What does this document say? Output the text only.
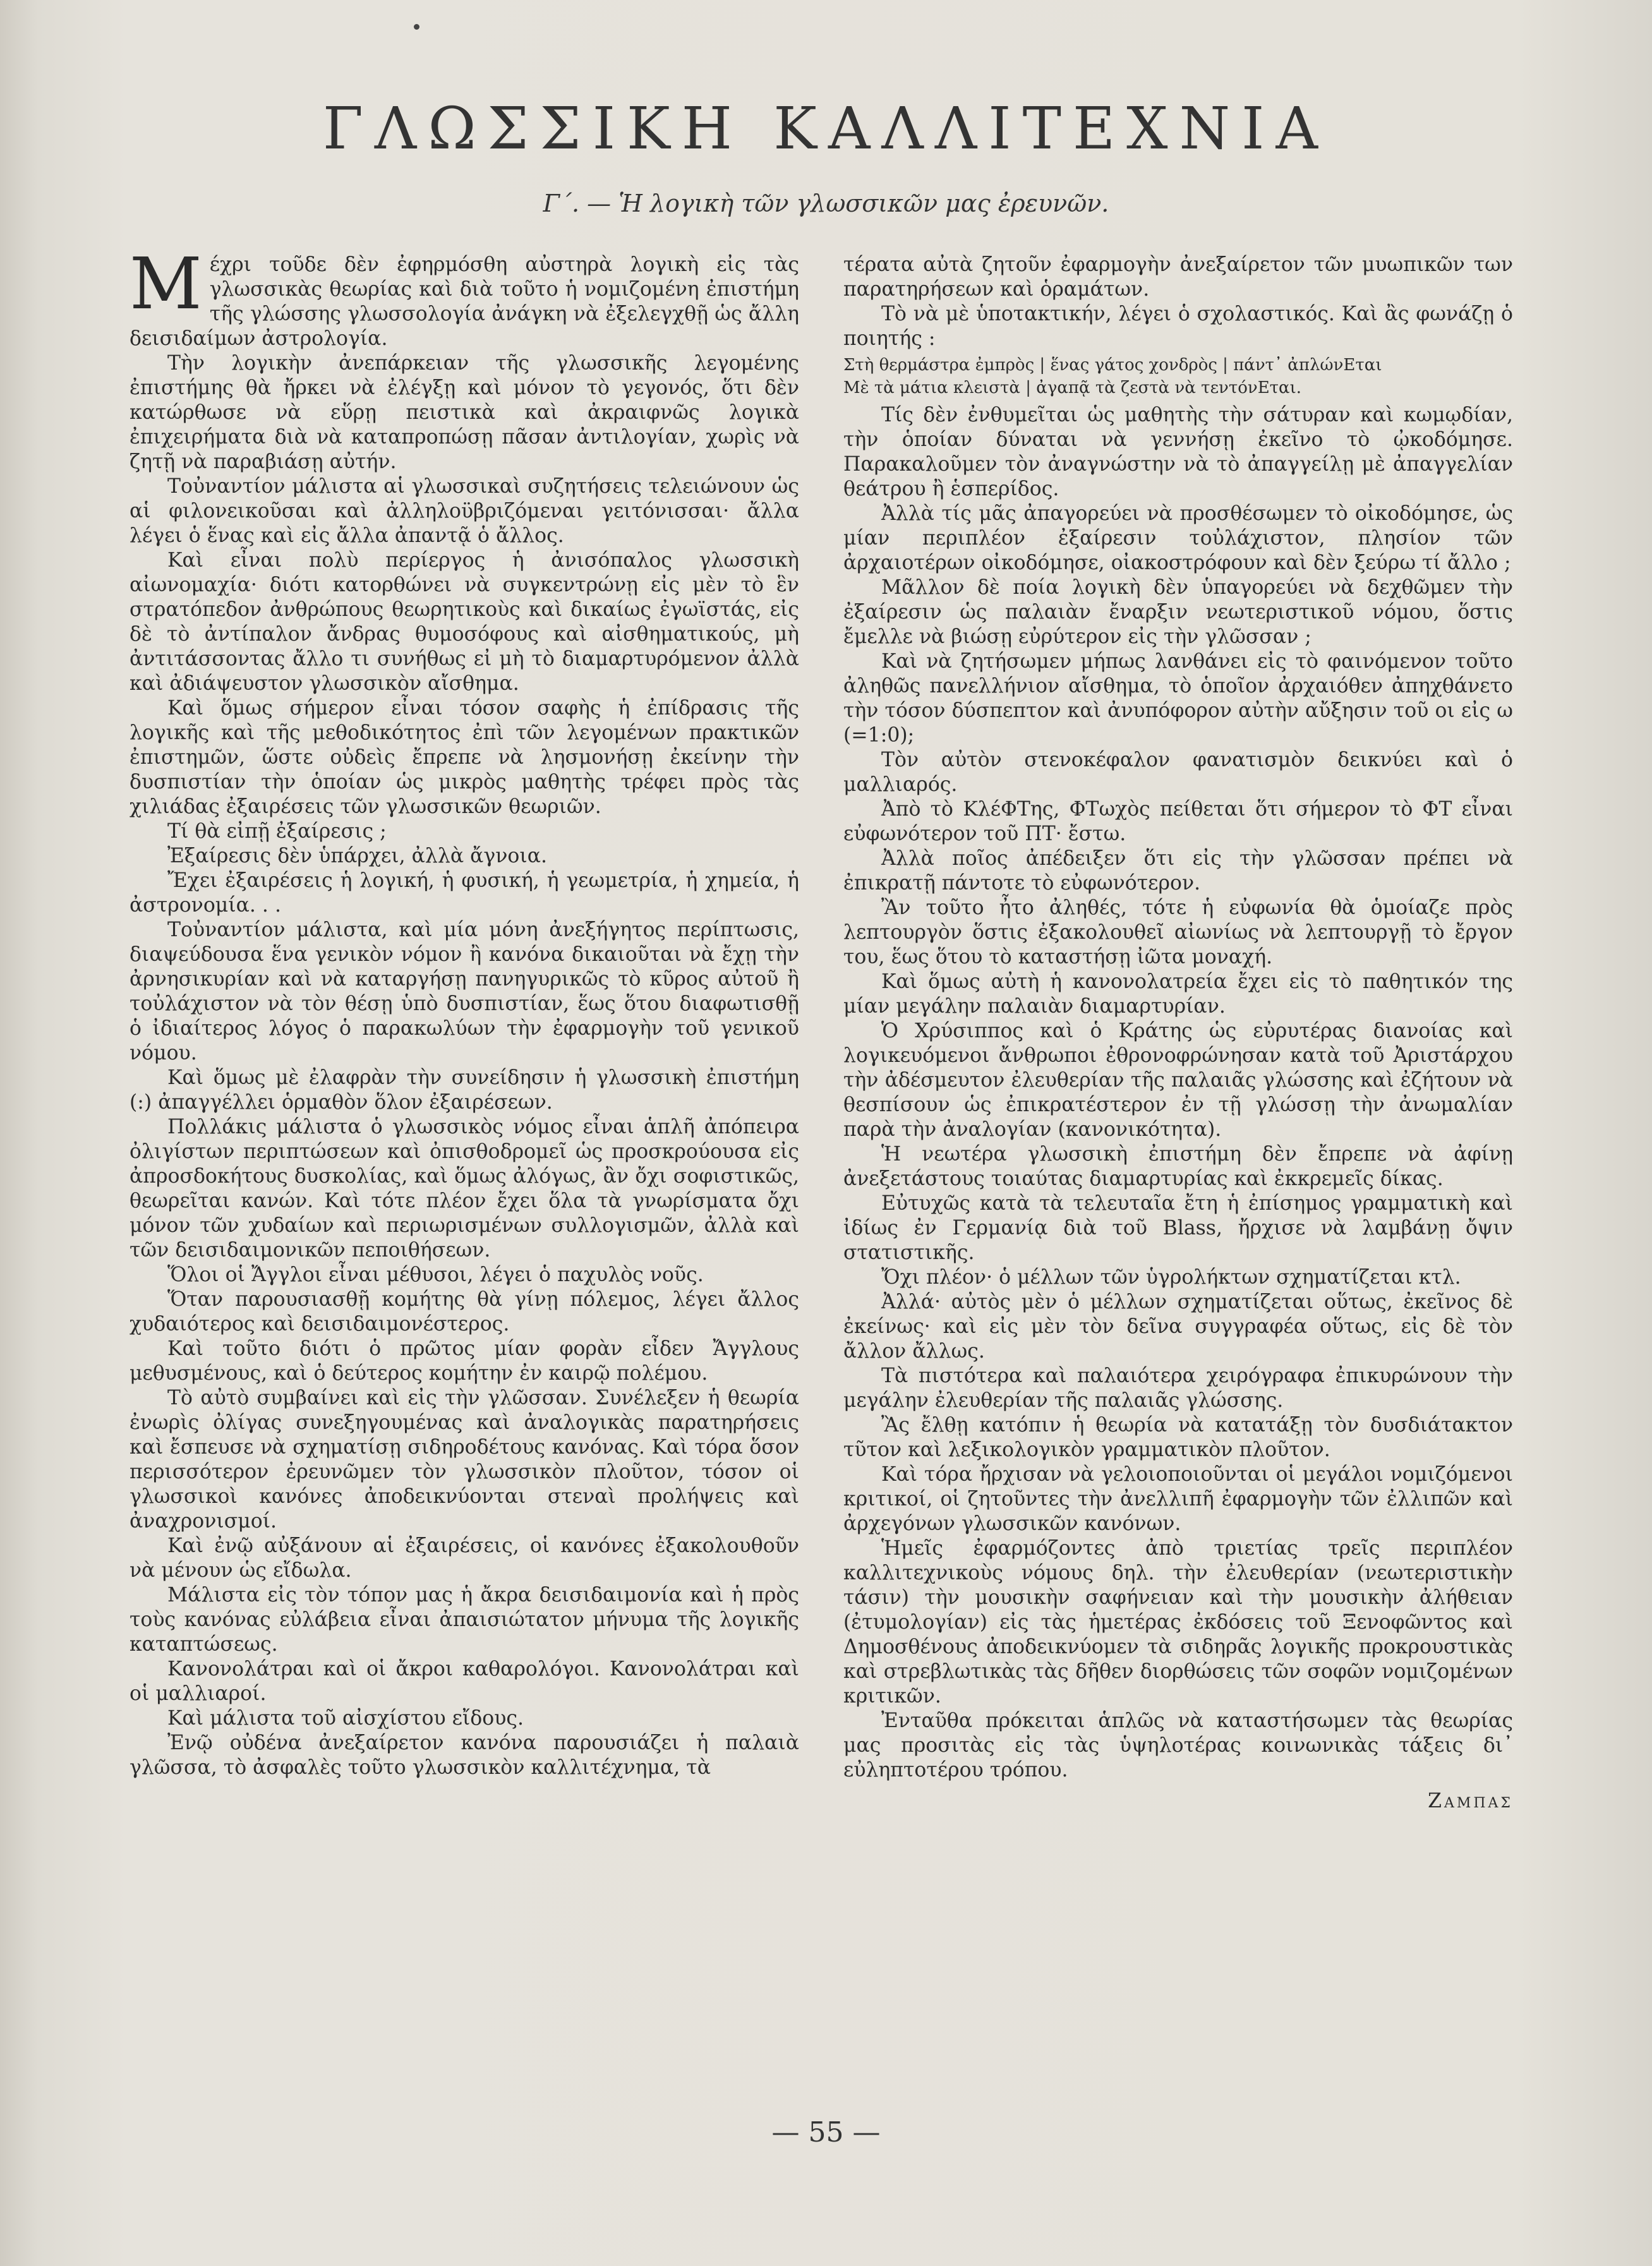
ΓΛΩΣΣΙΚΗ ΚΑΛΛΙΤΕΧΝΙΑ
Γ΄. — Ἡ λογικὴ τῶν γλωσσικῶν μας ἐρευνῶν.

Μέχρι τοῦδε δὲν ἐφηρμόσθη αὐστηρὰ λογικὴ εἰς τὰς γλωσσικὰς θεωρίας καὶ διὰ τοῦτο ἡ νομιζομένη ἐπιστήμη τῆς γλώσσης γλωσσολογία ἀνάγκη νὰ ἐξελεγχθῇ ὡς ἄλλη δεισιδαίμων ἀστρολογία.

Τὴν λογικὴν ἀνεπάρκειαν τῆς γλωσσικῆς λεγομένης ἐπιστήμης θὰ ἤρκει νὰ ἐλέγξῃ καὶ μόνον τὸ γεγονός, ὅτι δὲν κατώρθωσε νὰ εὕρῃ πειστικὰ καὶ ἀκραιφνῶς λογικὰ ἐπιχειρήματα διὰ νὰ καταπροπώσῃ πᾶσαν ἀντιλογίαν, χωρὶς νὰ ζητῇ νὰ παραβιάσῃ αὐτήν.

Τοὐναντίον μάλιστα αἱ γλωσσικαὶ συζητήσεις τελειώνουν ὡς αἱ φιλονεικοῦσαι καὶ ἀλληλοϋβριζόμεναι γειτόνισσαι· ἄλλα λέγει ὁ ἕνας καὶ εἰς ἄλλα ἀπαντᾷ ὁ ἄλλος.

Καὶ εἶναι πολὺ περίεργος ἡ ἀνισόπαλος γλωσσικὴ αἰωνομαχία· διότι κατορθώνει νὰ συγκεντρώνῃ εἰς μὲν τὸ ἓν στρατόπεδον ἀνθρώπους θεωρητικοὺς καὶ δικαίως ἐγωϊστάς, εἰς δὲ τὸ ἀντίπαλον ἄνδρας θυμοσόφους καὶ αἰσθηματικούς, μὴ ἀντιτάσσοντας ἄλλο τι συνήθως εἰ μὴ τὸ διαμαρτυρόμενον ἀλλὰ καὶ ἀδιάψευστον γλωσσικὸν αἴσθημα.

Καὶ ὅμως σήμερον εἶναι τόσον σαφὴς ἡ ἐπίδρασις τῆς λογικῆς καὶ τῆς μεθοδικότητος ἐπὶ τῶν λεγομένων πρακτικῶν ἐπιστημῶν, ὥστε οὐδεὶς ἔπρεπε νὰ λησμονήσῃ ἐκείνην τὴν δυσπιστίαν τὴν ὁποίαν ὡς μικρὸς μαθητὴς τρέφει πρὸς τὰς χιλιάδας ἐξαιρέσεις τῶν γλωσσικῶν θεωριῶν.

Τί θὰ εἰπῇ ἐξαίρεσις ;

Ἐξαίρεσις δὲν ὑπάρχει, ἀλλὰ ἄγνοια.

Ἔχει ἐξαιρέσεις ἡ λογική, ἡ φυσική, ἡ γεωμετρία, ἡ χημεία, ἡ ἀστρονομία. . .

Τοὐναντίον μάλιστα, καὶ μία μόνη ἀνεξήγητος περίπτωσις, διαψεύδουσα ἕνα γενικὸν νόμον ἢ κανόνα δικαιοῦται νὰ ἔχῃ τὴν ἀρνησικυρίαν καὶ νὰ καταργήσῃ πανηγυρικῶς τὸ κῦρος αὐτοῦ ἢ τοὐλάχιστον νὰ τὸν θέσῃ ὑπὸ δυσπιστίαν, ἕως ὅτου διαφωτισθῇ ὁ ἰδιαίτερος λόγος ὁ παρακωλύων τὴν ἐφαρμογὴν τοῦ γενικοῦ νόμου.

Καὶ ὅμως μὲ ἐλαφρὰν τὴν συνείδησιν ἡ γλωσσικὴ ἐπιστήμη (:) ἀπαγγέλλει ὁρμαθὸν ὅλον ἐξαιρέσεων.

Πολλάκις μάλιστα ὁ γλωσσικὸς νόμος εἶναι ἁπλῆ ἀπόπειρα ὀλιγίστων περιπτώσεων καὶ ὀπισθοδρομεῖ ὡς προσκρούουσα εἰς ἀπροσδοκήτους δυσκολίας, καὶ ὅμως ἀλόγως, ἂν ὄχι σοφιστικῶς, θεωρεῖται κανών. Καὶ τότε πλέον ἔχει ὅλα τὰ γνωρίσματα ὄχι μόνον τῶν χυδαίων καὶ περιωρισμένων συλλογισμῶν, ἀλλὰ καὶ τῶν δεισιδαιμονικῶν πεποιθήσεων.

Ὅλοι οἱ Ἄγγλοι εἶναι μέθυσοι, λέγει ὁ παχυλὸς νοῦς.

Ὅταν παρουσιασθῇ κομήτης θὰ γίνῃ πόλεμος, λέγει ἄλλος χυδαιότερος καὶ δεισιδαιμονέστερος.

Καὶ τοῦτο διότι ὁ πρῶτος μίαν φορὰν εἶδεν Ἄγγλους μεθυσμένους, καὶ ὁ δεύτερος κομήτην ἐν καιρῷ πολέμου.

Τὸ αὐτὸ συμβαίνει καὶ εἰς τὴν γλῶσσαν. Συνέλεξεν ἡ θεωρία ἐνωρὶς ὀλίγας συνεξηγουμένας καὶ ἀναλογικὰς παρατηρήσεις καὶ ἔσπευσε νὰ σχηματίσῃ σιδηροδέτους κανόνας. Καὶ τόρα ὅσον περισσότερον ἐρευνῶμεν τὸν γλωσσικὸν πλοῦτον, τόσον οἱ γλωσσικοὶ κανόνες ἀποδεικνύονται στεναὶ προλήψεις καὶ ἀναχρονισμοί.

Καὶ ἐνῷ αὐξάνουν αἱ ἐξαιρέσεις, οἱ κανόνες ἐξακολουθοῦν νὰ μένουν ὡς εἴδωλα.

Μάλιστα εἰς τὸν τόπον μας ἡ ἄκρα δεισιδαιμονία καὶ ἡ πρὸς τοὺς κανόνας εὐλάβεια εἶναι ἀπαισιώτατον μήνυμα τῆς λογικῆς καταπτώσεως.

Κανονολάτραι καὶ οἱ ἄκροι καθαρολόγοι. Κανονολάτραι καὶ οἱ μαλλιαροί.

Καὶ μάλιστα τοῦ αἰσχίστου εἴδους.

Ἐνῷ οὐδένα ἀνεξαίρετον κανόνα παρουσιάζει ἡ παλαιὰ γλῶσσα, τὸ ἀσφαλὲς τοῦτο γλωσσικὸν καλλιτέχνημα, τὰ

τέρατα αὐτὰ ζητοῦν ἐφαρμογὴν ἀνεξαίρετον τῶν μυωπικῶν των παρατηρήσεων καὶ ὁραμάτων.

Τὸ νὰ μὲ ὑποτακτικήν, λέγει ὁ σχολαστικός. Καὶ ἂς φωνάζῃ ὁ ποιητής :

Στὴ θερμάστρα ἐμπρὸς | ἕνας γάτος χονδρὸς | πάντ᾿ ἀπλώνΕται
Μὲ τὰ μάτια κλειστὰ | ἀγαπᾷ τὰ ζεστὰ νὰ τεντόνΕται.

Τίς δὲν ἐνθυμεῖται ὡς μαθητὴς τὴν σάτυραν καὶ κωμῳδίαν, τὴν ὁποίαν δύναται νὰ γεννήσῃ ἐκεῖνο τὸ ᾠκοδόμησε. Παρακαλοῦμεν τὸν ἀναγνώστην νὰ τὸ ἀπαγγείλῃ μὲ ἀπαγγελίαν θεάτρου ἢ ἑσπερίδος.

Ἀλλὰ τίς μᾶς ἀπαγορεύει νὰ προσθέσωμεν τὸ οἰκοδόμησε, ὡς μίαν περιπλέον ἐξαίρεσιν τοὐλάχιστον, πλησίον τῶν ἀρχαιοτέρων οἰκοδόμησε, οἰακοστρόφουν καὶ δὲν ξεύρω τί ἄλλο ;

Μᾶλλον δὲ ποία λογικὴ δὲν ὑπαγορεύει νὰ δεχθῶμεν τὴν ἐξαίρεσιν ὡς παλαιὰν ἔναρξιν νεωτεριστικοῦ νόμου, ὅστις ἔμελλε νὰ βιώσῃ εὐρύτερον εἰς τὴν γλῶσσαν ;

Καὶ νὰ ζητήσωμεν μήπως λανθάνει εἰς τὸ φαινόμενον τοῦτο ἀληθῶς πανελλήνιον αἴσθημα, τὸ ὁποῖον ἀρχαιόθεν ἀπηχθάνετο τὴν τόσον δύσπεπτον καὶ ἀνυπόφορον αὐτὴν αὔξησιν τοῦ οι εἰς ω (=1:0);

Τὸν αὐτὸν στενοκέφαλον φανατισμὸν δεικνύει καὶ ὁ μαλλιαρός.

Ἀπὸ τὸ ΚλέΦΤης, ΦΤωχὸς πείθεται ὅτι σήμερον τὸ ΦΤ εἶναι εὐφωνότερον τοῦ ΠΤ· ἔστω.

Ἀλλὰ ποῖος ἀπέδειξεν ὅτι εἰς τὴν γλῶσσαν πρέπει νὰ ἐπικρατῇ πάντοτε τὸ εὐφωνότερον.

Ἂν τοῦτο ἦτο ἀληθές, τότε ἡ εὐφωνία θὰ ὁμοίαζε πρὸς λεπτουργὸν ὅστις ἐξακολουθεῖ αἰωνίως νὰ λεπτουργῇ τὸ ἔργον του, ἕως ὅτου τὸ καταστήσῃ ἰῶτα μοναχή.

Καὶ ὅμως αὐτὴ ἡ κανονολατρεία ἔχει εἰς τὸ παθητικόν της μίαν μεγάλην παλαιὰν διαμαρτυρίαν.

Ὁ Χρύσιππος καὶ ὁ Κράτης ὡς εὐρυτέρας διανοίας καὶ λογικευόμενοι ἄνθρωποι ἐθρονοφρώνησαν κατὰ τοῦ Ἀριστάρχου τὴν ἀδέσμευτον ἐλευθερίαν τῆς παλαιᾶς γλώσσης καὶ ἐζήτουν νὰ θεσπίσουν ὡς ἐπικρατέστερον ἐν τῇ γλώσσῃ τὴν ἀνωμαλίαν παρὰ τὴν ἀναλογίαν (κανονικότητα).

Ἡ νεωτέρα γλωσσικὴ ἐπιστήμη δὲν ἔπρεπε νὰ ἀφίνῃ ἀνεξετάστους τοιαύτας διαμαρτυρίας καὶ ἐκκρεμεῖς δίκας.

Εὐτυχῶς κατὰ τὰ τελευταῖα ἔτη ἡ ἐπίσημος γραμματικὴ καὶ ἰδίως ἐν Γερμανίᾳ διὰ τοῦ Blass, ἤρχισε νὰ λαμβάνῃ ὄψιν στατιστικῆς.

Ὄχι πλέον· ὁ μέλλων τῶν ὑγρολήκτων σχηματίζεται κτλ.

Ἀλλά· αὐτὸς μὲν ὁ μέλλων σχηματίζεται οὕτως, ἐκεῖνος δὲ ἐκείνως· καὶ εἰς μὲν τὸν δεῖνα συγγραφέα οὕτως, εἰς δὲ τὸν ἄλλον ἄλλως.

Τὰ πιστότερα καὶ παλαιότερα χειρόγραφα ἐπικυρώνουν τὴν μεγάλην ἐλευθερίαν τῆς παλαιᾶς γλώσσης.

Ἂς ἔλθῃ κατόπιν ἡ θεωρία νὰ κατατάξῃ τὸν δυσδιάτακτον τῦτον καὶ λεξικολογικὸν γραμματικὸν πλοῦτον.

Καὶ τόρα ἤρχισαν νὰ γελοιοποιοῦνται οἱ μεγάλοι νομιζόμενοι κριτικοί, οἱ ζητοῦντες τὴν ἀνελλιπῆ ἐφαρμογὴν τῶν ἐλλιπῶν καὶ ἀρχεγόνων γλωσσικῶν κανόνων.

Ἡμεῖς ἐφαρμόζοντες ἀπὸ τριετίας τρεῖς περιπλέον καλλιτεχνικοὺς νόμους δηλ. τὴν ἐλευθερίαν (νεωτεριστικὴν τάσιν) τὴν μουσικὴν σαφήνειαν καὶ τὴν μουσικὴν ἀλήθειαν (ἐτυμολογίαν) εἰς τὰς ἡμετέρας ἐκδόσεις τοῦ Ξενοφῶντος καὶ Δημοσθένους ἀποδεικνύομεν τὰ σιδηρᾶς λογικῆς προκρουστικὰς καὶ στρεβλωτικὰς τὰς δῆθεν διορθώσεις τῶν σοφῶν νομιζομένων κριτικῶν.

Ἐνταῦθα πρόκειται ἁπλῶς νὰ καταστήσωμεν τὰς θεωρίας μας προσιτὰς εἰς τὰς ὑψηλοτέρας κοινωνικὰς τάξεις δι᾿ εὐληπτοτέρου τρόπου.

Ζαμπας
— 55 —
